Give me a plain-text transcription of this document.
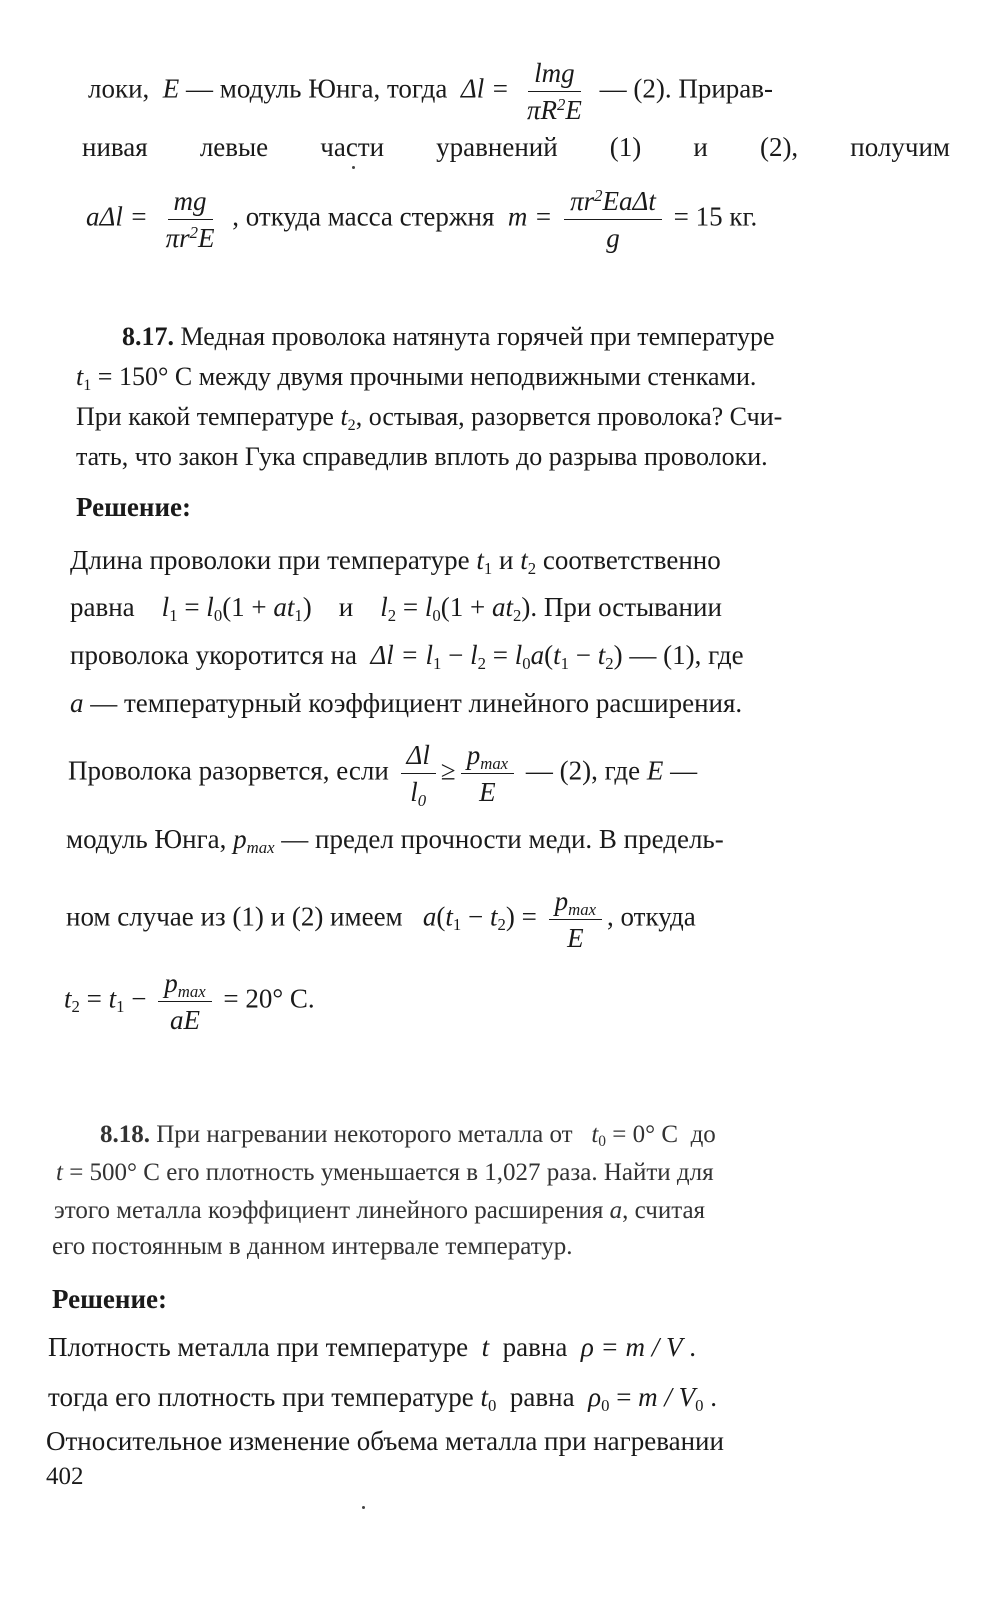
локи,  E — модуль Юнга, тогда  $\Delta l = \frac{\text{lmg}}{\pi R^2E}$ — (2). Прирав-
нивая левые части уравнений (1) и (2), получим
$a\Delta l = \frac{mg}{\pi r^2E}$ , откуда масса стержня  $m = \frac{\pi r^2Ea\Delta t}{g} = 15$ кг.
8.17. Медная проволока натянута горячей при температуре
$t_1 = 150^\circ$ С между двумя прочными неподвижными стенками.
При какой температуре $t_2$, остывая, разорвется проволока? Счи-
тать, что закон Гука справедлив вплоть до разрыва проволоки.
Решение:
Длина проволоки при температуре $t_1$ и $t_2$ соответственно
равна $l_1 = l_0(1 + at_1)$    и $l_2 = l_0(1 + at_2)$. При остывании
проволока укоротится на  $\Delta l = l_1 - l_2 = l_0a(t_1 - t_2)$ — (1), где
a — температурный коэффициент линейного расширения.
Проволока разорвется, если $\frac{\Delta l}{l_0} \ge \frac{p_{max}}{E}$ — (2), где E —
модуль Юнга, $p_{max}$ — предел прочности меди. В предель-
ном случае из (1) и (2) имеем $a(t_1 - t_2) = \frac{p_{max}}{E}$ , откуда
$t_2 = t_1 - \frac{p_{max}}{aE} = 20^\circ$ С.
8.18. При нагревании некоторого металла от $t_0 = 0^\circ$ С  до
t = 500° С его плотность уменьшается в 1,027 раза. Найти для
этого металла коэффициент линейного расширения a, считая
его постоянным в данном интервале температур.
Решение:
Плотность металла при температуре t равна ρ = m / V .
тогда его плотность при температуре $t_0$ равна $\rho_0 = m / V_0$ .
Относительное изменение объема металла при нагревании
402
